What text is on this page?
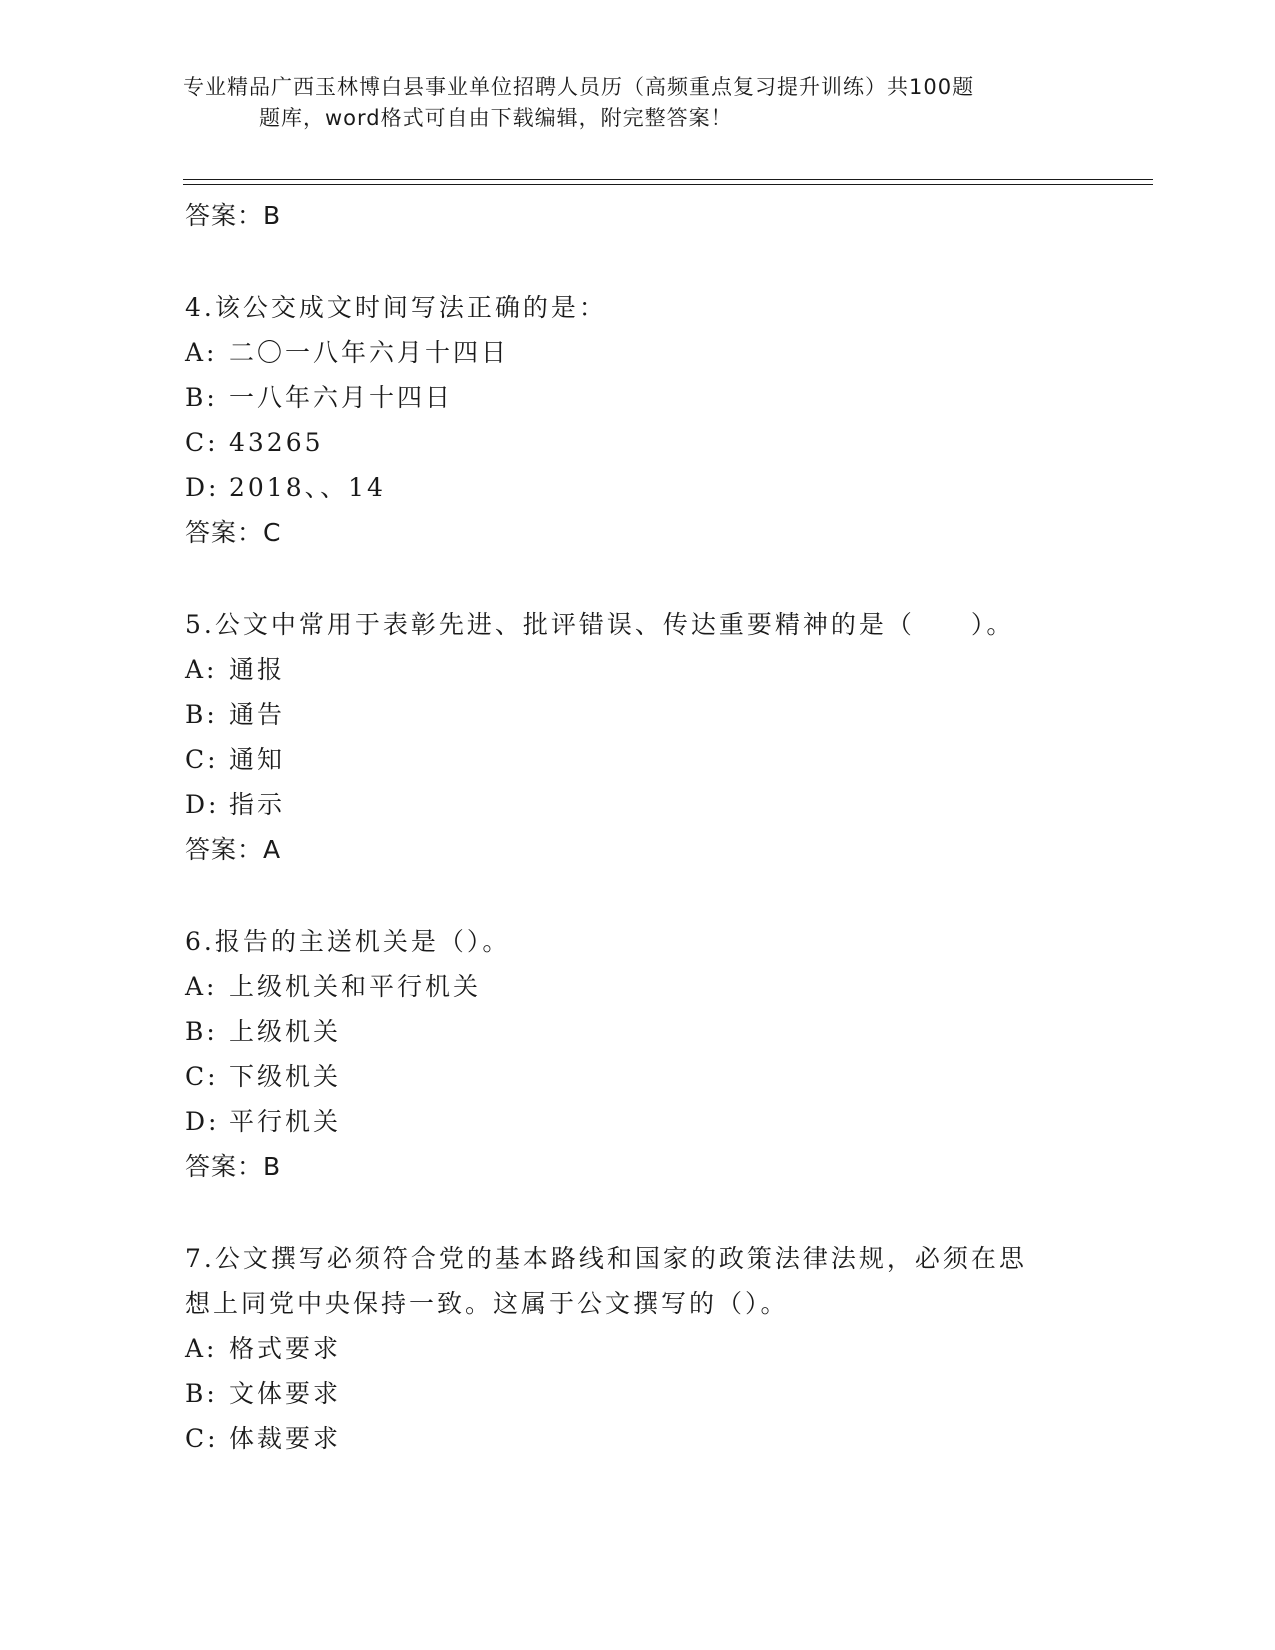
专业精品广西玉林博白县事业单位招聘人员历（高频重点复习提升训练）共100题
题库，word格式可自由下载编辑，附完整答案！
答案：B
4.该公交成文时间写法正确的是：
A: 二〇一八年六月十四日
B: 一八年六月十四日
C: 43265
D: 2018、、14
答案：C
5.公文中常用于表彰先进、批评错误、传达重要精神的是（　　）。
A: 通报
B: 通告
C: 通知
D: 指示
答案：A
6.报告的主送机关是（）。
A: 上级机关和平行机关
B: 上级机关
C: 下级机关
D: 平行机关
答案：B
7.公文撰写必须符合党的基本路线和国家的政策法律法规，必须在思
想上同党中央保持一致。这属于公文撰写的（）。
A: 格式要求
B: 文体要求
C: 体裁要求
